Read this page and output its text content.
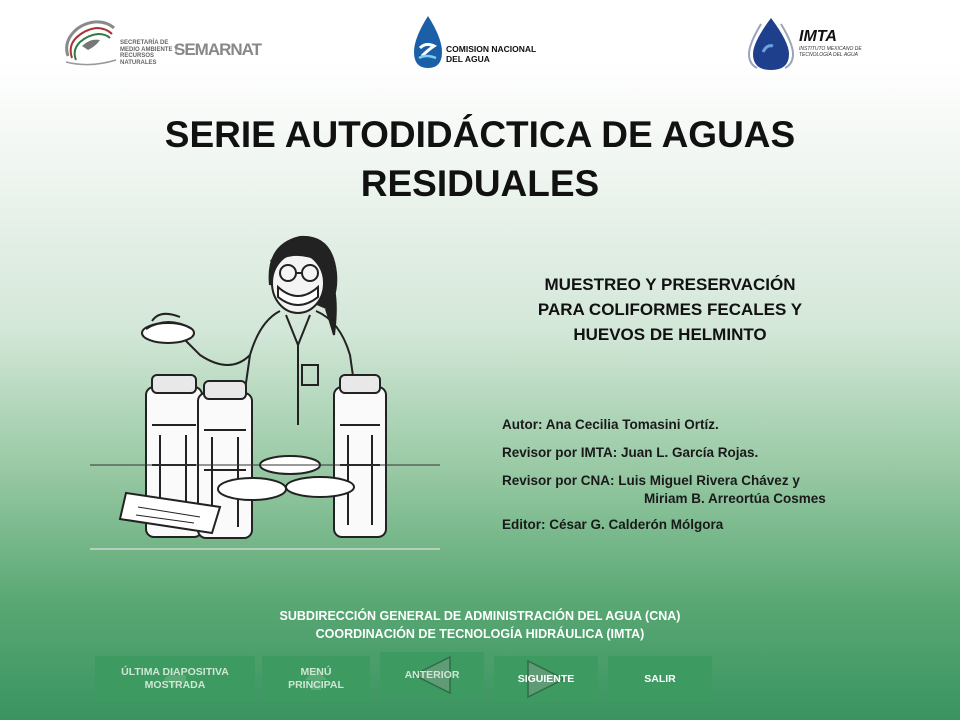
SECRETARÍA DE MEDIO AMBIENTE Y RECURSOS NATURALES
SEMARNAT	COMISION NACIONAL
DEL AGUA
IMTA
INSTITUTO MEXICANO DE TECNOLOGÍA DEL AGUA
SERIE AUTODIDÁCTICA DE AGUAS
RESIDUALES
MUESTREO Y PRESERVACIÓN
PARA COLIFORMES FECALES Y
HUEVOS DE HELMINTO
Autor: Ana Cecilia Tomasini Ortíz.
Revisor por IMTA: Juan L. García Rojas.
Revisor por CNA: Luis Miguel Rivera Chávez y
Miriam B. Arreortúa Cosmes
Editor: César G. Calderón Mólgora
SUBDIRECCIÓN GENERAL DE ADMINISTRACIÓN DEL AGUA (CNA)
COORDINACIÓN DE TECNOLOGÍA HIDRÁULICA (IMTA)
ÚLTIMA DIAPOSITIVA
MOSTRADA
MENÚ
PRINCIPAL
ANTERIOR	SIGUIENTE	SALIR
